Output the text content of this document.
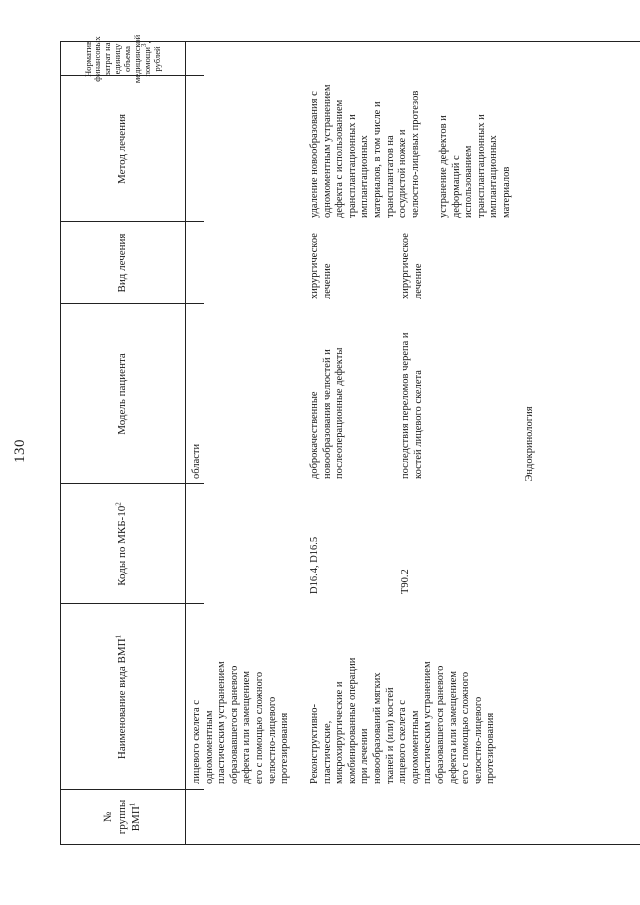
130
№ группы ВМП$^1$
Наименование вида ВМП$^1$
Коды по МКБ-$10^2$
Модель пациента
Вид лечения
Метод лечения
Норматив финансовых затрат на единицу объема медицинской помощи$^3$, рублей
лицевого скелета с одномоментным пластическим устранением образовавшегося раневого дефекта или замещением его с помощью сложного челюстно-лицевого протезирования
области
Реконструктивно- пластические, микрохирургические и комбинированные операции при лечении новообразований мягких тканей и (или) костей лицевого скелета с одномоментным пластическим устранением образовавшегося раневого дефекта или замещением его с помощью сложного челюстно-лицевого протезирования
D16.4, D16.5
доброкачественные новообразования челюстей и послеоперационные дефекты
хирургическое лечение
удаление новообразования с одномоментным устранением дефекта с использованием трансплантационных и имплантационных материалов, в том числе и трансплантатов на сосудистой ножке и челюстно-лицевых протезов
T90.2
последствия переломов черепа и костей лицевого скелета
хирургическое лечение
устранение дефектов и деформаций с использованием трансплантационных и имплантационных материалов
Эндокринология
